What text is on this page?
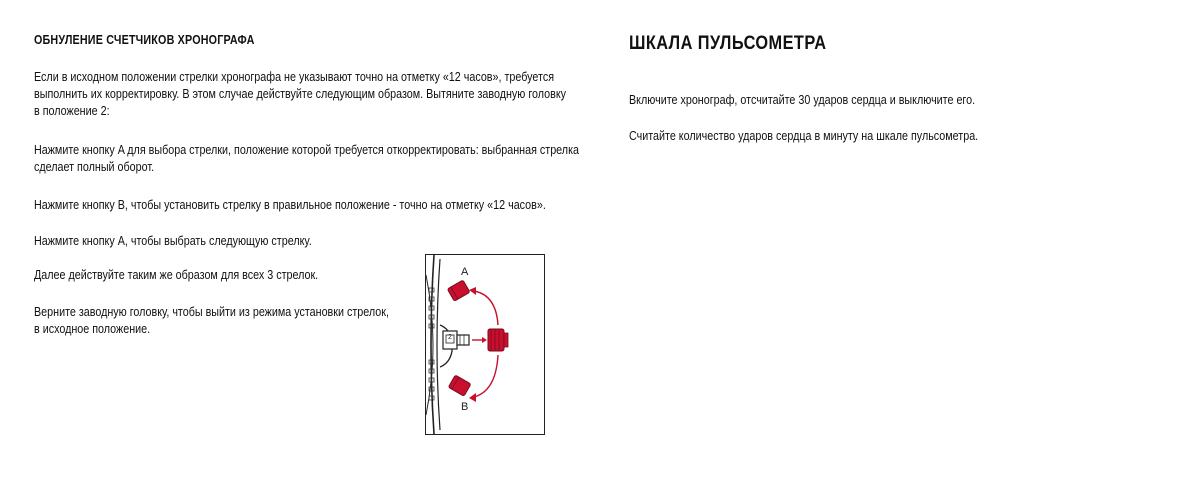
ОБНУЛЕНИЕ СЧЕТЧИКОВ ХРОНОГРАФА

Если в исходном положении стрелки хронографа не указывают точно на отметку «12 часов», требуется
выполнить их корректировку. В этом случае действуйте следующим образом. Вытяните заводную головку
в положение 2:

Нажмите кнопку A для выбора стрелки, положение которой требуется откорректировать: выбранная стрелка
сделает полный оборот.

Нажмите кнопку B, чтобы установить стрелку в правильное положение - точно на отметку «12 часов».

Нажмите кнопку A, чтобы выбрать следующую стрелку.

Далее действуйте таким же образом для всех 3 стрелок.

Верните заводную головку, чтобы выйти из режима установки стрелок,
в исходное положение.

A
B
2
ШКАЛА ПУЛЬСОМЕТРА

Включите хронограф, отсчитайте 30 ударов сердца и выключите его.

Считайте количество ударов сердца в минуту на шкале пульсометра.
